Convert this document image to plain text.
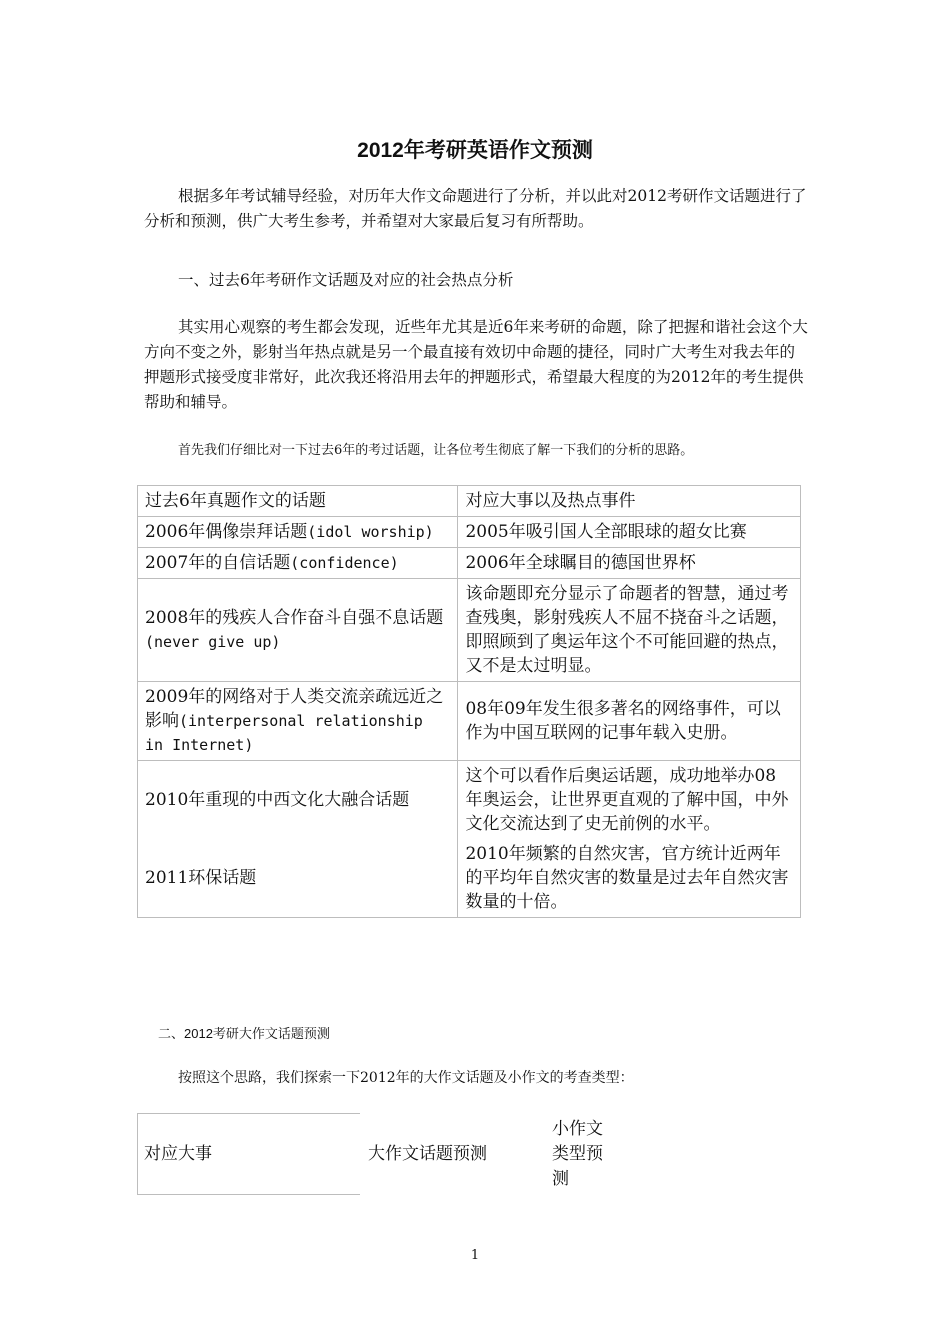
2012年考研英语作文预测

根据多年考试辅导经验，对历年大作文命题进行了分析，并以此对2012考研作文话题进行了分析和预测，供广大考生参考，并希望对大家最后复习有所帮助。

一、过去6年考研作文话题及对应的社会热点分析

其实用心观察的考生都会发现，近些年尤其是近6年来考研的命题，除了把握和谐社会这个大方向不变之外，影射当年热点就是另一个最直接有效切中命题的捷径，同时广大考生对我去年的押题形式接受度非常好，此次我还将沿用去年的押题形式，希望最大程度的为2012年的考生提供帮助和辅导。

首先我们仔细比对一下过去6年的考过话题，让各位考生彻底了解一下我们的分析的思路。

过去6年真题作文的话题	对应大事以及热点事件
2006年偶像崇拜话题(idol worship)	2005年吸引国人全部眼球的超女比赛
2007年的自信话题(confidence)	2006年全球瞩目的德国世界杯
2008年的残疾人合作奋斗自强不息话题(never give up)	该命题即充分显示了命题者的智慧，通过考查残奥，影射残疾人不屈不挠奋斗之话题，即照顾到了奥运年这个不可能回避的热点，又不是太过明显。
2009年的网络对于人类交流亲疏远近之影响(interpersonal relationship   in Internet)	08年09年发生很多著名的网络事件，可以作为中国互联网的记事年载入史册。
2010年重现的中西文化大融合话题	这个可以看作后奥运话题，成功地举办08年奥运会，让世界更直观的了解中国，中外文化交流达到了史无前例的水平。
2011环保话题	2010年频繁的自然灾害，官方统计近两年的平均年自然灾害的数量是过去年自然灾害数量的十倍。

二、2012考研大作文话题预测

按照这个思路，我们探索一下2012年的大作文话题及小作文的考查类型：

对应大事	大作文话题预测	小作文类型预测
1
